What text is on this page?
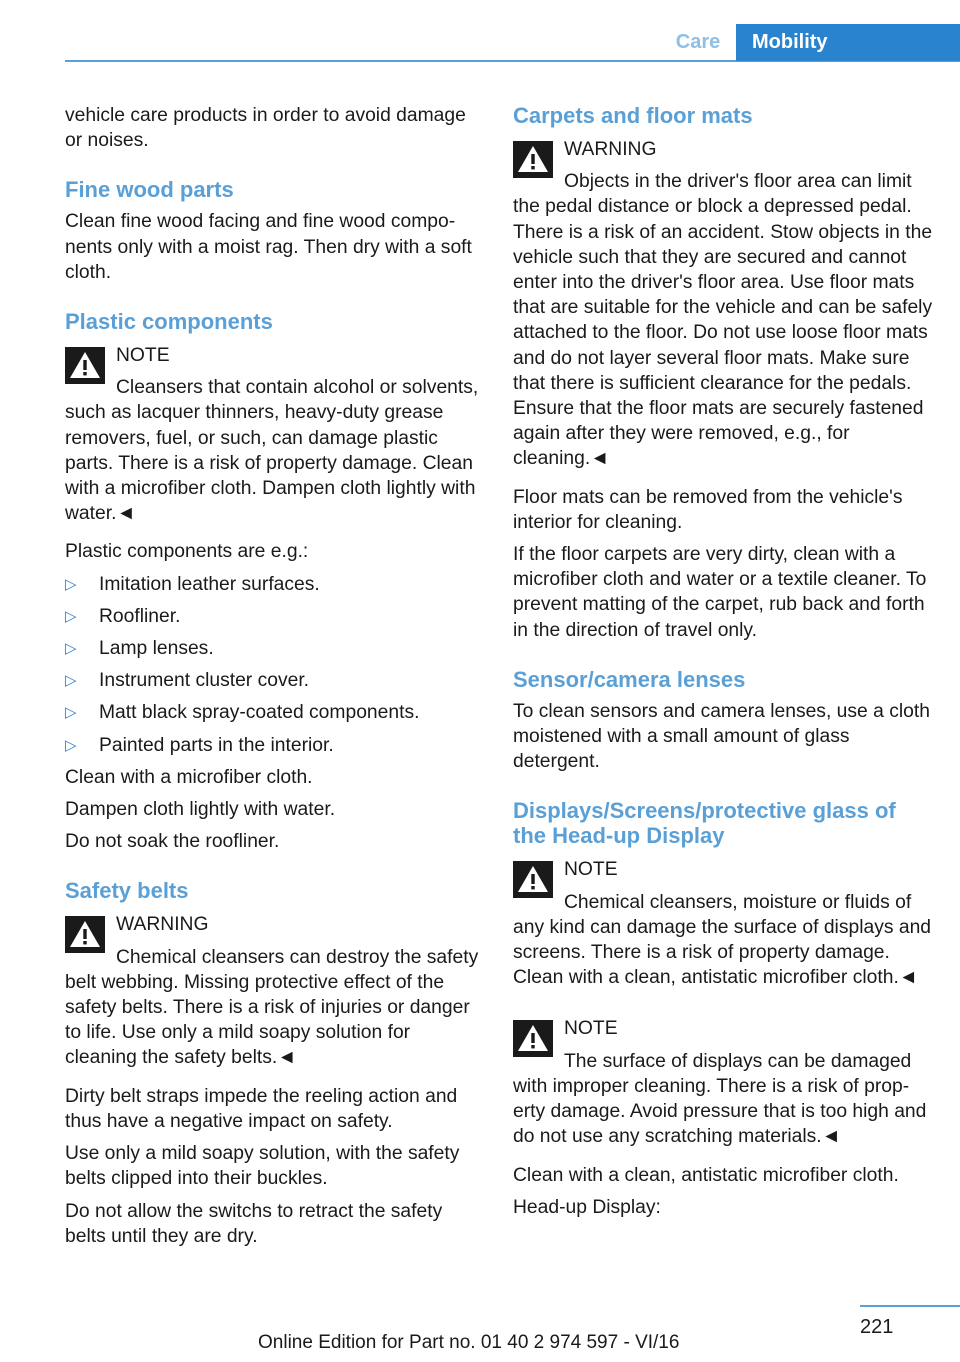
Care	Mobility

vehicle care products in order to avoid damage or noises.

Fine wood parts

Clean fine wood facing and fine wood components only with a moist rag. Then dry with a soft cloth.

Plastic components
NOTE

Cleansers that contain alcohol or solvents, such as lacquer thinners, heavy-duty grease removers, fuel, or such, can damage plastic parts. There is a risk of property damage. Clean with a microfiber cloth. Dampen cloth lightly with water.◄

Plastic components are e.g.:

▷ Imitation leather surfaces.
▷ Roofliner.
▷ Lamp lenses.
▷ Instrument cluster cover.
▷ Matt black spray-coated components.
▷ Painted parts in the interior.

Clean with a microfiber cloth.

Dampen cloth lightly with water.

Do not soak the roofliner.

Safety belts
WARNING

Chemical cleansers can destroy the safety belt webbing. Missing protective effect of the safety belts. There is a risk of injuries or danger to life. Use only a mild soapy solution for cleaning the safety belts.◄

Dirty belt straps impede the reeling action and thus have a negative impact on safety.

Use only a mild soapy solution, with the safety belts clipped into their buckles.

Do not allow the switchs to retract the safety belts until they are dry.

Carpets and floor mats
WARNING

Objects in the driver's floor area can limit the pedal distance or block a depressed pedal. There is a risk of an accident. Stow objects in the vehicle such that they are secured and cannot enter into the driver's floor area. Use floor mats that are suitable for the vehicle and can be safely attached to the floor. Do not use loose floor mats and do not layer several floor mats. Make sure that there is sufficient clearance for the pedals. Ensure that the floor mats are securely fastened again after they were removed, e.g., for cleaning.◄

Floor mats can be removed from the vehicle's interior for cleaning.

If the floor carpets are very dirty, clean with a microfiber cloth and water or a textile cleaner. To prevent matting of the carpet, rub back and forth in the direction of travel only.

Sensor/camera lenses

To clean sensors and camera lenses, use a cloth moistened with a small amount of glass detergent.

Displays/Screens/protective glass of the Head-up Display
NOTE

Chemical cleansers, moisture or fluids of any kind can damage the surface of displays and screens. There is a risk of property damage. Clean with a clean, antistatic microfiber cloth.◄

NOTE

The surface of displays can be damaged with improper cleaning. There is a risk of property damage. Avoid pressure that is too high and do not use any scratching materials.◄

Clean with a clean, antistatic microfiber cloth.

Head-up Display:

221
Online Edition for Part no. 01 40 2 974 597 - VI/16
